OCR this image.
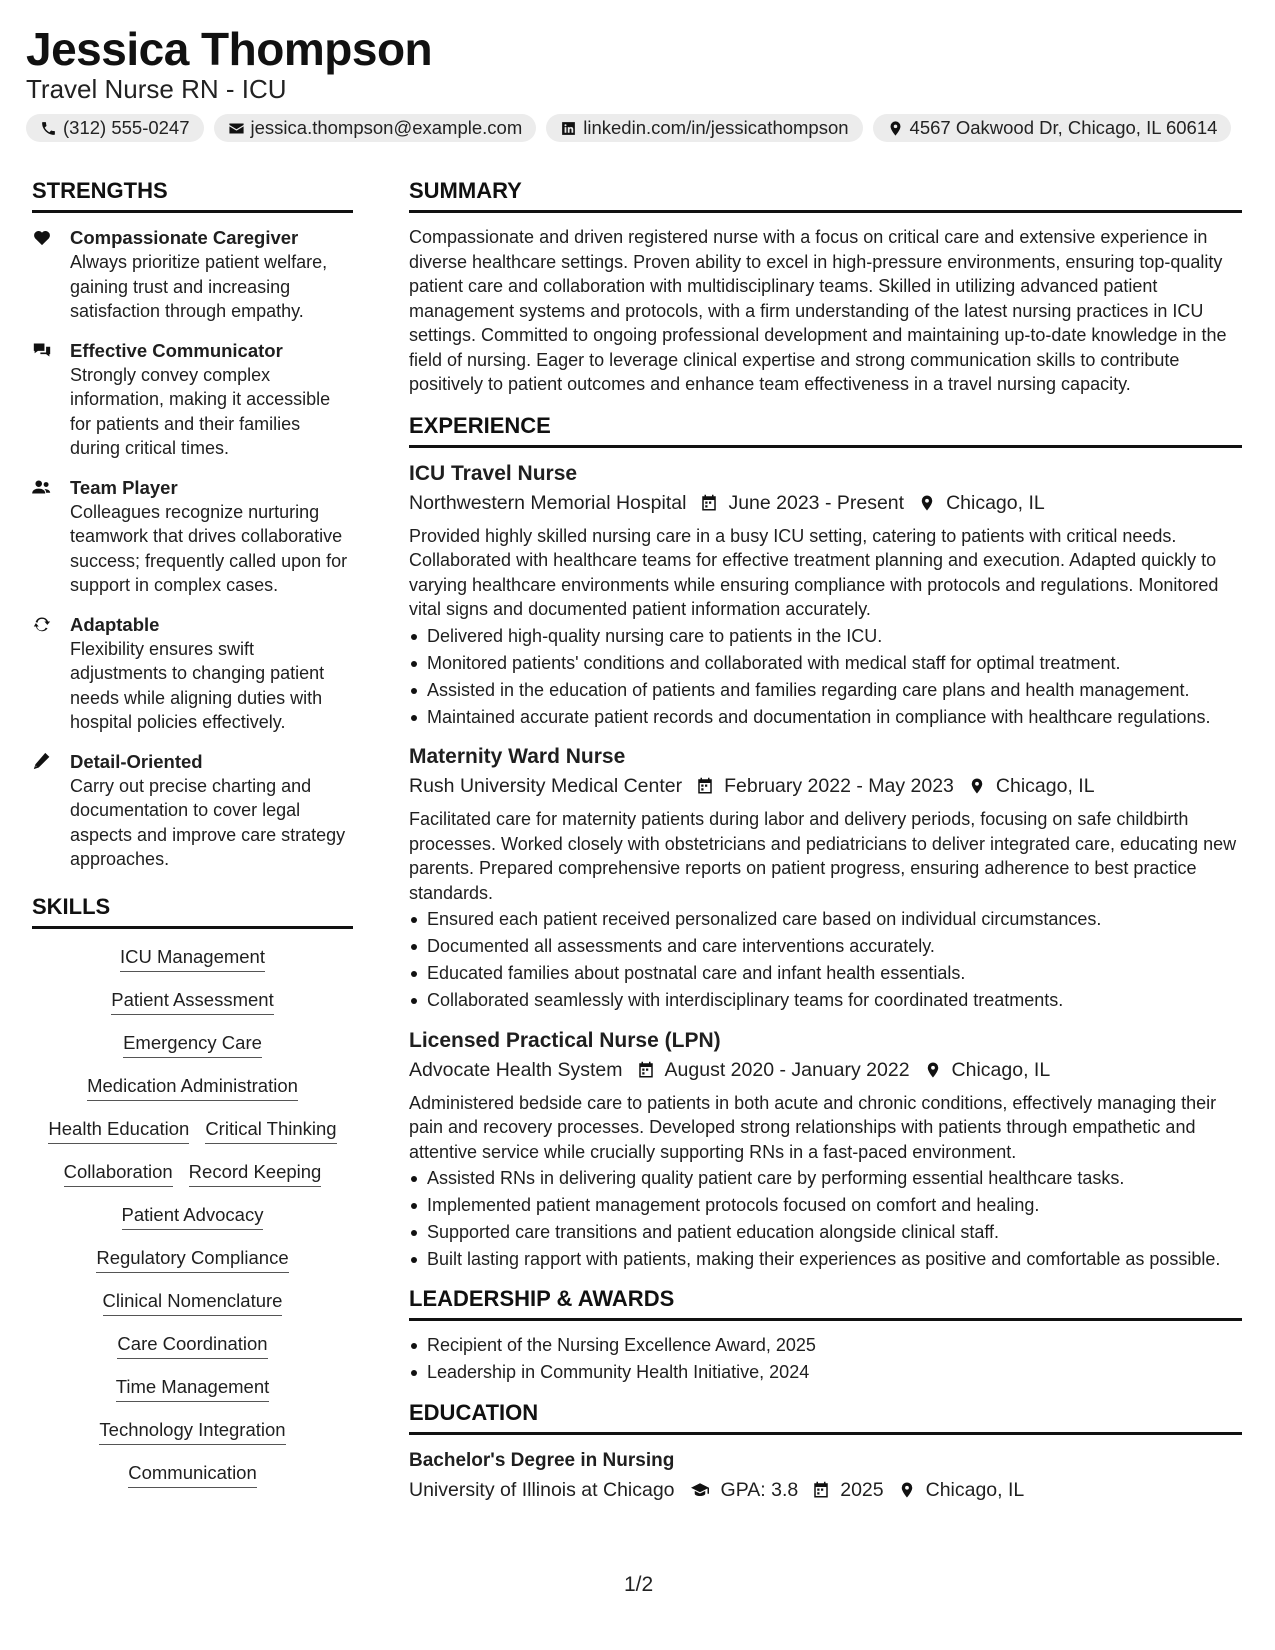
Jessica Thompson
Travel Nurse RN - ICU
(312) 555-0247	jessica.thompson@example.com	linkedin.com/in/jessicathompson	4567 Oakwood Dr, Chicago, IL 60614
STRENGTHS
Compassionate Caregiver
Always prioritize patient welfare, gaining trust and increasing satisfaction through empathy.
Effective Communicator
Strongly convey complex information, making it accessible for patients and their families during critical times.
Team Player
Colleagues recognize nurturing teamwork that drives collaborative success; frequently called upon for support in complex cases.
Adaptable
Flexibility ensures swift adjustments to changing patient needs while aligning duties with hospital policies effectively.
Detail-Oriented
Carry out precise charting and documentation to cover legal aspects and improve care strategy approaches.
SKILLS
ICU Management
Patient Assessment
Emergency Care
Medication Administration
Health Education Critical Thinking
Collaboration Record Keeping
Patient Advocacy
Regulatory Compliance
Clinical Nomenclature
Care Coordination
Time Management
Technology Integration
Communication
SUMMARY
Compassionate and driven registered nurse with a focus on critical care and extensive experience in diverse healthcare settings. Proven ability to excel in high-pressure environments, ensuring top-quality patient care and collaboration with multidisciplinary teams. Skilled in utilizing advanced patient management systems and protocols, with a firm understanding of the latest nursing practices in ICU settings. Committed to ongoing professional development and maintaining up-to-date knowledge in the field of nursing. Eager to leverage clinical expertise and strong communication skills to contribute positively to patient outcomes and enhance team effectiveness in a travel nursing capacity.
EXPERIENCE
ICU Travel Nurse
Northwestern Memorial Hospital June 2023 - Present Chicago, IL
Provided highly skilled nursing care in a busy ICU setting, catering to patients with critical needs. Collaborated with healthcare teams for effective treatment planning and execution. Adapted quickly to varying healthcare environments while ensuring compliance with protocols and regulations. Monitored vital signs and documented patient information accurately.
Delivered high-quality nursing care to patients in the ICU.
Monitored patients' conditions and collaborated with medical staff for optimal treatment.
Assisted in the education of patients and families regarding care plans and health management.
Maintained accurate patient records and documentation in compliance with healthcare regulations.
Maternity Ward Nurse
Rush University Medical Center February 2022 - May 2023 Chicago, IL
Facilitated care for maternity patients during labor and delivery periods, focusing on safe childbirth processes. Worked closely with obstetricians and pediatricians to deliver integrated care, educating new parents. Prepared comprehensive reports on patient progress, ensuring adherence to best practice standards.
Ensured each patient received personalized care based on individual circumstances.
Documented all assessments and care interventions accurately.
Educated families about postnatal care and infant health essentials.
Collaborated seamlessly with interdisciplinary teams for coordinated treatments.
Licensed Practical Nurse (LPN)
Advocate Health System August 2020 - January 2022 Chicago, IL
Administered bedside care to patients in both acute and chronic conditions, effectively managing their pain and recovery processes. Developed strong relationships with patients through empathetic and attentive service while crucially supporting RNs in a fast-paced environment.
Assisted RNs in delivering quality patient care by performing essential healthcare tasks.
Implemented patient management protocols focused on comfort and healing.
Supported care transitions and patient education alongside clinical staff.
Built lasting rapport with patients, making their experiences as positive and comfortable as possible.
LEADERSHIP & AWARDS
Recipient of the Nursing Excellence Award, 2025
Leadership in Community Health Initiative, 2024
EDUCATION
Bachelor's Degree in Nursing
University of Illinois at Chicago GPA: 3.8 2025 Chicago, IL
1/2
